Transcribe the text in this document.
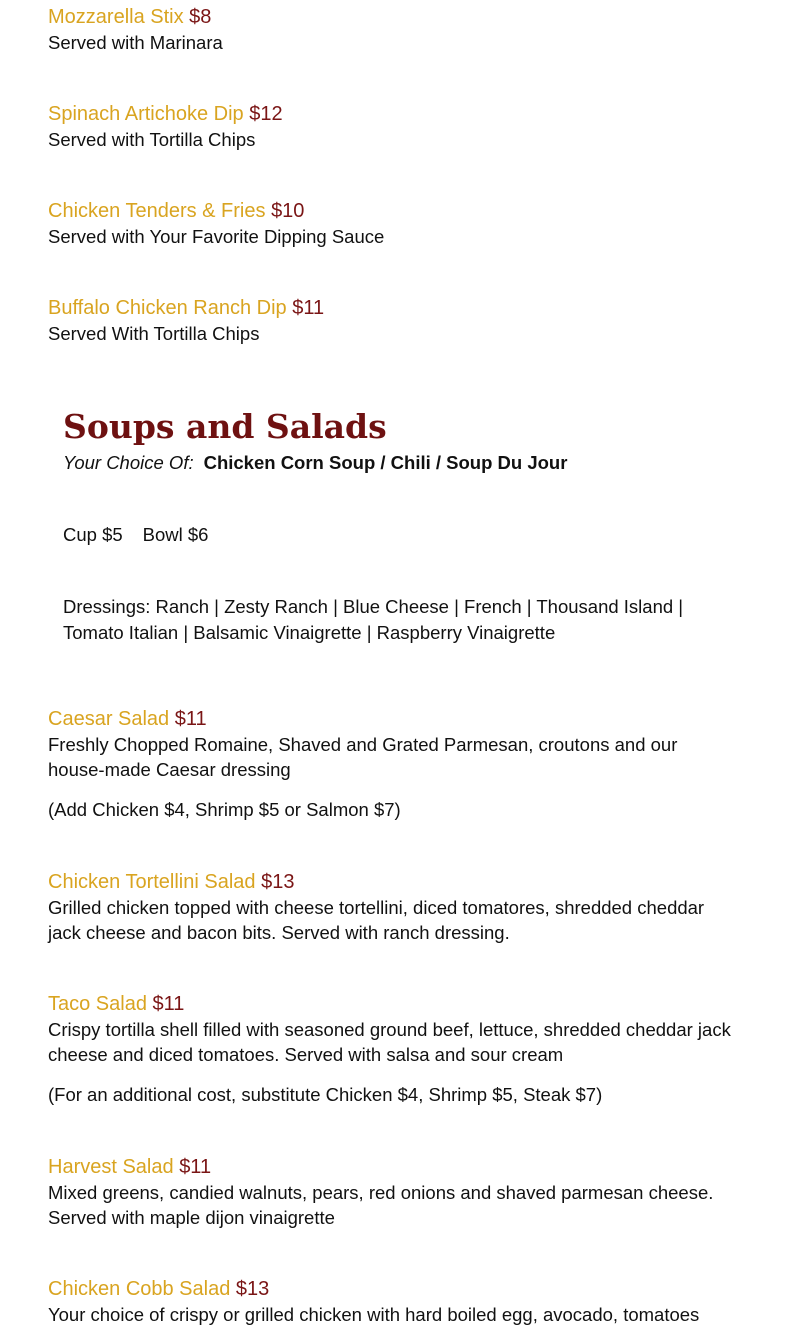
Mozzarella Stix $8
Served with Marinara
Spinach Artichoke Dip $12
Served with Tortilla Chips
Chicken Tenders & Fries $10
Served with Your Favorite Dipping Sauce
Buffalo Chicken Ranch Dip $11
Served With Tortilla Chips
Soups and Salads
Your Choice Of: Chicken Corn Soup / Chili / Soup Du Jour
Cup $5 Bowl $6
Dressings: Ranch | Zesty Ranch | Blue Cheese | French | Thousand Island | Tomato Italian | Balsamic Vinaigrette | Raspberry Vinaigrette
Caesar Salad $11
Freshly Chopped Romaine, Shaved and Grated Parmesan, croutons and our house-made Caesar dressing
(Add Chicken $4, Shrimp $5 or Salmon $7)
Chicken Tortellini Salad $13
Grilled chicken topped with cheese tortellini, diced tomatores, shredded cheddar jack cheese and bacon bits. Served with ranch dressing.
Taco Salad $11
Crispy tortilla shell filled with seasoned ground beef, lettuce, shredded cheddar jack cheese and diced tomatoes. Served with salsa and sour cream
(For an additional cost, substitute Chicken $4, Shrimp $5, Steak $7)
Harvest Salad $11
Mixed greens, candied walnuts, pears, red onions and shaved parmesan cheese. Served with maple dijon vinaigrette
Chicken Cobb Salad $13
Your choice of crispy or grilled chicken with hard boiled egg, avocado, tomatoes
